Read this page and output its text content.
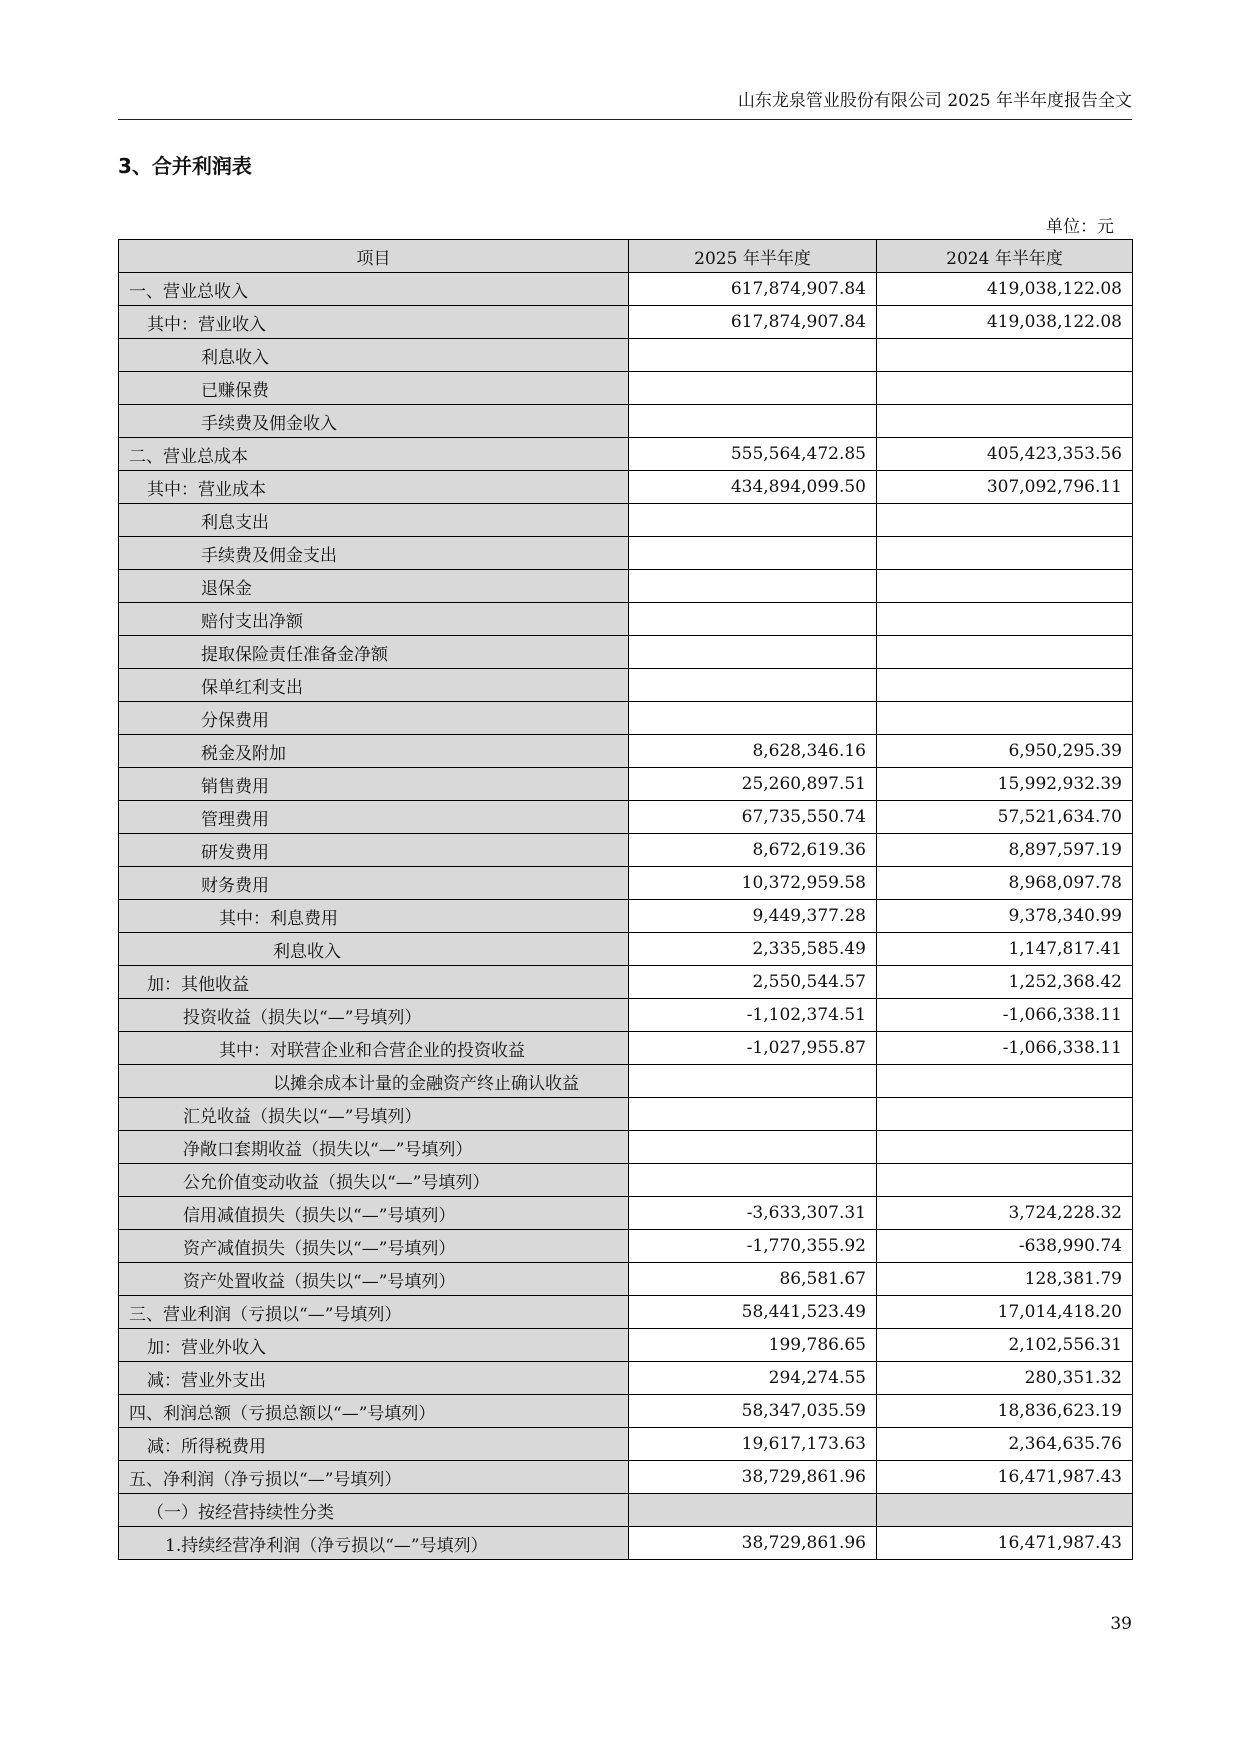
山东龙泉管业股份有限公司 2025 年半年度报告全文
3、合并利润表
单位：元
项目	2025 年半年度	2024 年半年度
一、营业总收入	617,874,907.84	419,038,122.08
其中：营业收入	617,874,907.84	419,038,122.08
利息收入		
已赚保费		
手续费及佣金收入		
二、营业总成本	555,564,472.85	405,423,353.56
其中：营业成本	434,894,099.50	307,092,796.11
利息支出		
手续费及佣金支出		
退保金		
赔付支出净额		
提取保险责任准备金净额		
保单红利支出		
分保费用		
税金及附加	8,628,346.16	6,950,295.39
销售费用	25,260,897.51	15,992,932.39
管理费用	67,735,550.74	57,521,634.70
研发费用	8,672,619.36	8,897,597.19
财务费用	10,372,959.58	8,968,097.78
其中：利息费用	9,449,377.28	9,378,340.99
利息收入	2,335,585.49	1,147,817.41
加：其他收益	2,550,544.57	1,252,368.42
投资收益（损失以“—”号填列）	-1,102,374.51	-1,066,338.11
其中：对联营企业和合营企业的投资收益	-1,027,955.87	-1,066,338.11
以摊余成本计量的金融资产终止确认收益		
汇兑收益（损失以“—”号填列）		
净敞口套期收益（损失以“—”号填列）		
公允价值变动收益（损失以“—”号填列）		
信用减值损失（损失以“—”号填列）	-3,633,307.31	3,724,228.32
资产减值损失（损失以“—”号填列）	-1,770,355.92	-638,990.74
资产处置收益（损失以“—”号填列）	86,581.67	128,381.79
三、营业利润（亏损以“—”号填列）	58,441,523.49	17,014,418.20
加：营业外收入	199,786.65	2,102,556.31
减：营业外支出	294,274.55	280,351.32
四、利润总额（亏损总额以“—”号填列）	58,347,035.59	18,836,623.19
减：所得税费用	19,617,173.63	2,364,635.76
五、净利润（净亏损以“—”号填列）	38,729,861.96	16,471,987.43
（一）按经营持续性分类		
1.持续经营净利润（净亏损以“—”号填列）	38,729,861.96	16,471,987.43
39
